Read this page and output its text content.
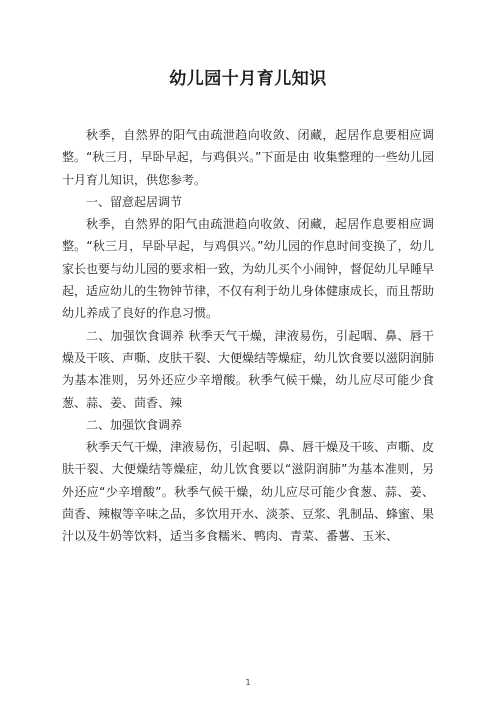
幼儿园十月育儿知识

秋季，自然界的阳气由疏泄趋向收敛、闭藏，起居作息要相应调整。“秋三月，早卧早起，与鸡俱兴。”下面是由 收集整理的一些幼儿园十月育儿知识，供您参考。

一、留意起居调节

秋季，自然界的阳气由疏泄趋向收敛、闭藏，起居作息要相应调整。“秋三月，早卧早起，与鸡俱兴。”幼儿园的作息时间变换了，幼儿家长也要与幼儿园的要求相一致，为幼儿买个小闹钟，督促幼儿早睡早起，适应幼儿的生物钟节律，不仅有利于幼儿身体健康成长，而且帮助幼儿养成了良好的作息习惯。

二、加强饮食调养 秋季天气干燥，津液易伤，引起咽、鼻、唇干燥及干咳、声嘶、皮肤干裂、大便燥结等燥症，幼儿饮食要以滋阴润肺为基本准则，另外还应少辛增酸。秋季气候干燥，幼儿应尽可能少食葱、蒜、姜、茴香、辣

二、加强饮食调养

秋季天气干燥，津液易伤，引起咽、鼻、唇干燥及干咳、声嘶、皮肤干裂、大便燥结等燥症，幼儿饮食要以“滋阴润肺”为基本准则，另外还应“少辛增酸”。秋季气候干燥，幼儿应尽可能少食葱、蒜、姜、茴香、辣椒等辛味之品，多饮用开水、淡茶、豆浆、乳制品、蜂蜜、果汁以及牛奶等饮料，适当多食糯米、鸭肉、青菜、番薯、玉米、

1
